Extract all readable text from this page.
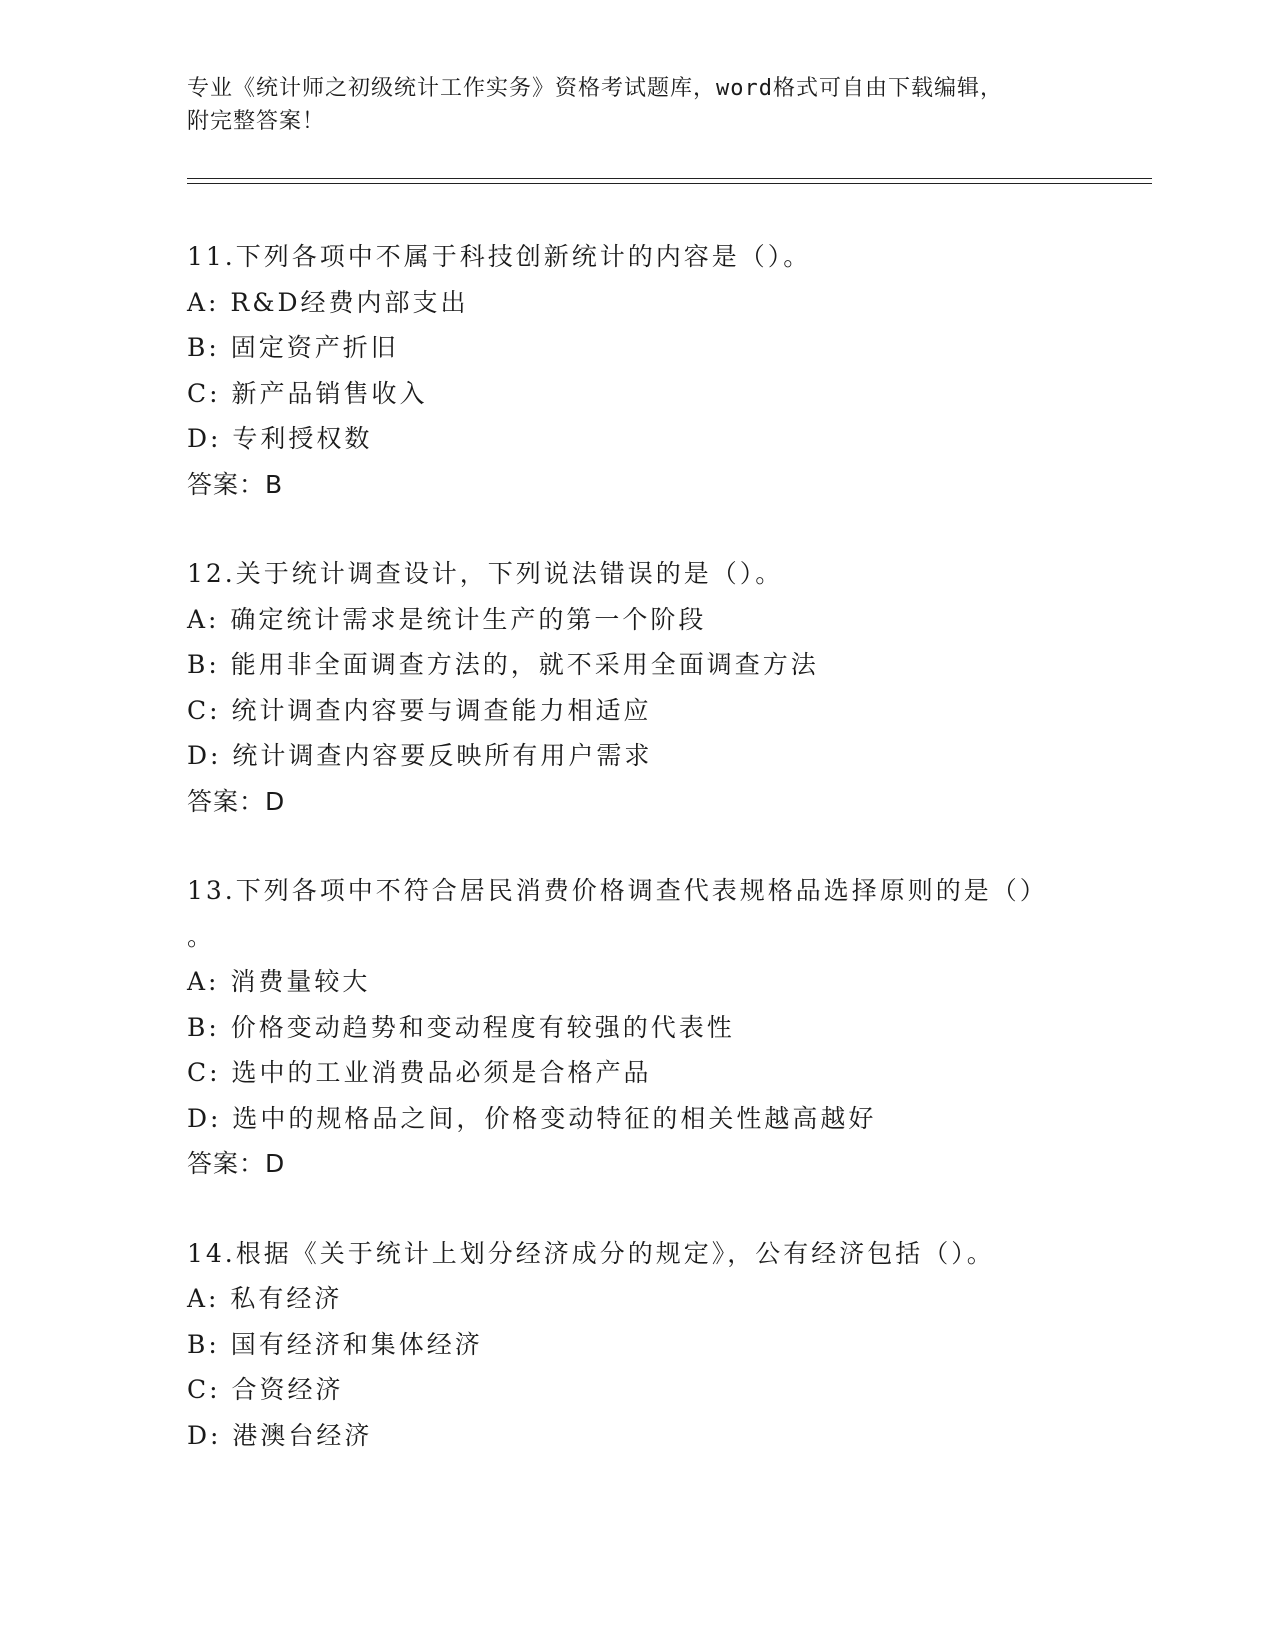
专业《统计师之初级统计工作实务》资格考试题库，word格式可自由下载编辑，
附完整答案！
11.下列各项中不属于科技创新统计的内容是（）。
A: R&D经费内部支出
B: 固定资产折旧
C: 新产品销售收入
D: 专利授权数
答案：B
12.关于统计调查设计，下列说法错误的是（）。
A: 确定统计需求是统计生产的第一个阶段
B: 能用非全面调查方法的，就不采用全面调查方法
C: 统计调查内容要与调查能力相适应
D: 统计调查内容要反映所有用户需求
答案：D
13.下列各项中不符合居民消费价格调查代表规格品选择原则的是（）
。
A: 消费量较大
B: 价格变动趋势和变动程度有较强的代表性
C: 选中的工业消费品必须是合格产品
D: 选中的规格品之间，价格变动特征的相关性越高越好
答案：D
14.根据《关于统计上划分经济成分的规定》，公有经济包括（）。
A: 私有经济
B: 国有经济和集体经济
C: 合资经济
D: 港澳台经济
